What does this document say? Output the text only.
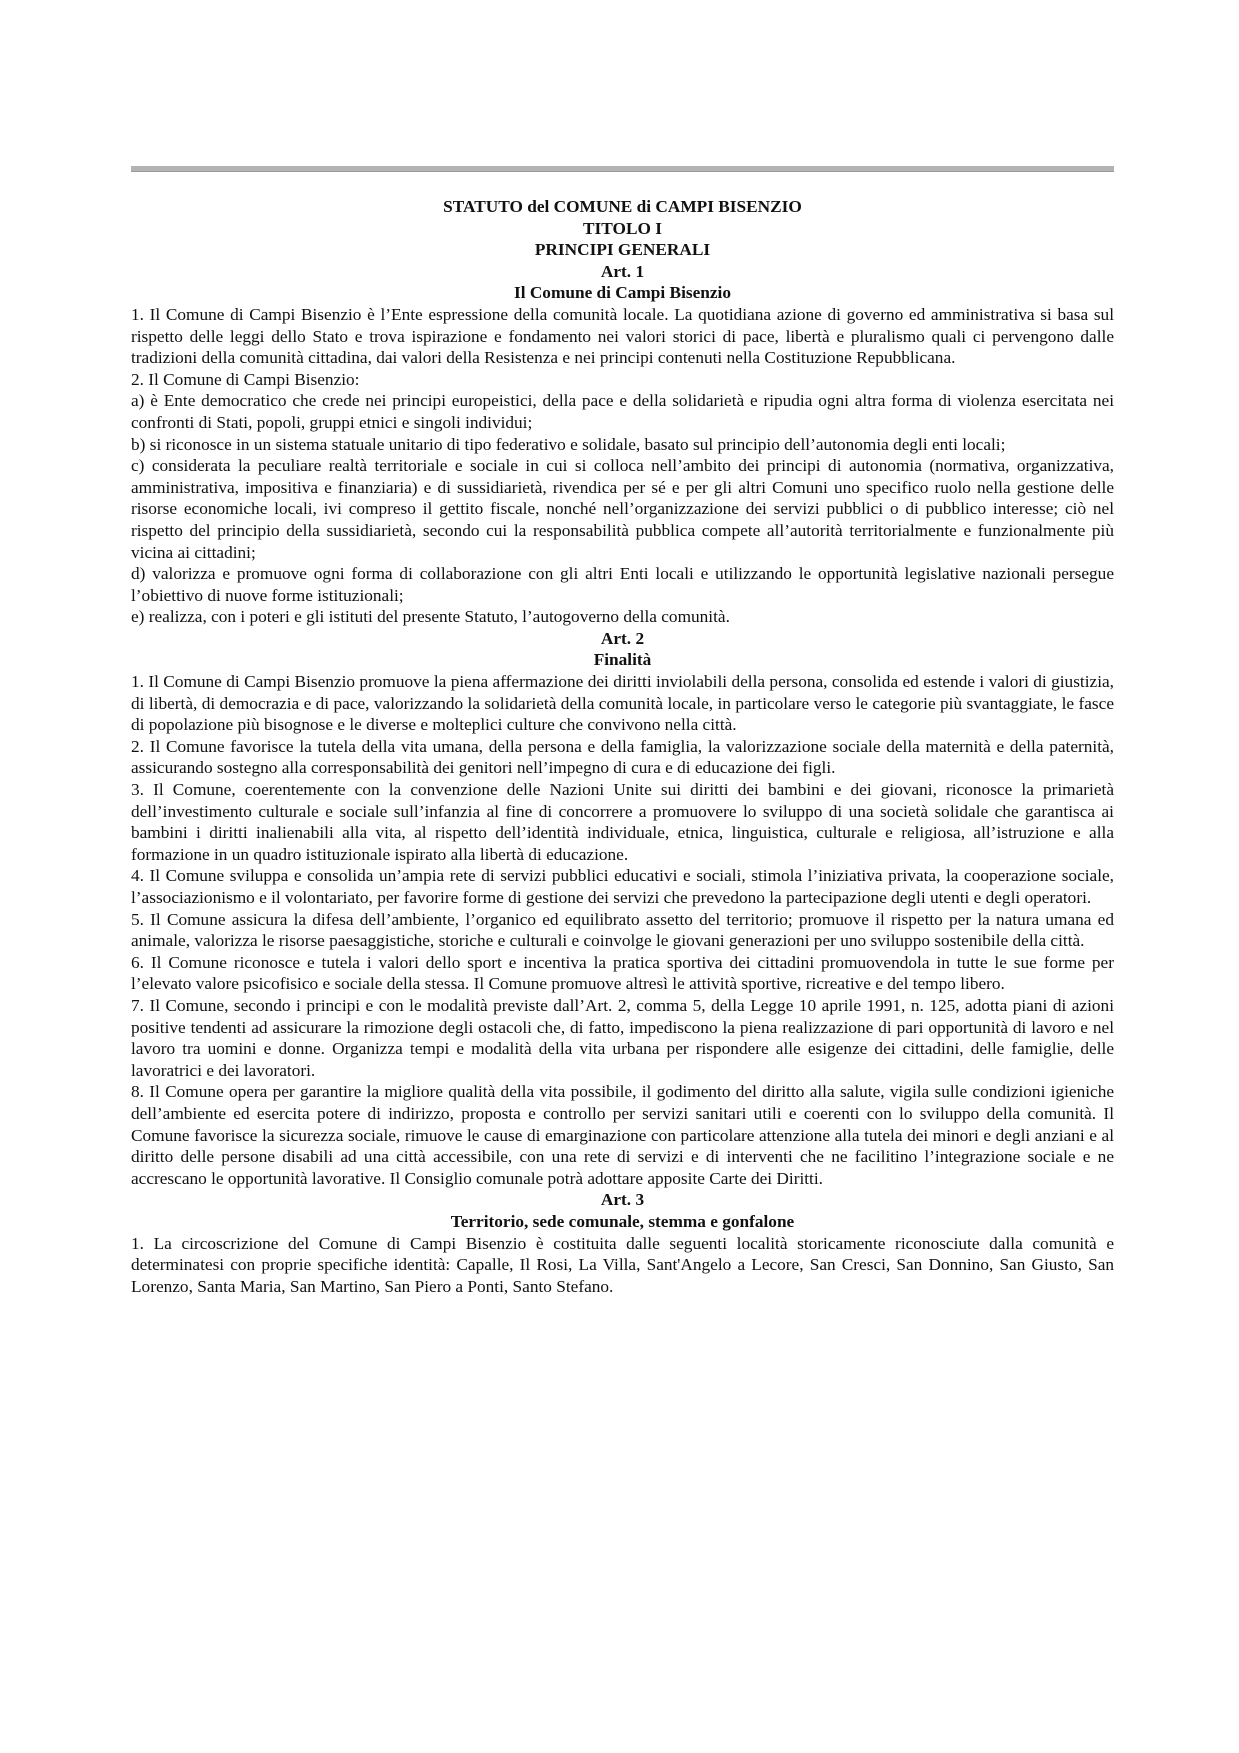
STATUTO del COMUNE di CAMPI BISENZIO

TITOLO I

PRINCIPI GENERALI

Art. 1

Il Comune di Campi Bisenzio

1. Il Comune di Campi Bisenzio è l’Ente espressione della comunità locale. La quotidiana azione di governo ed amministrativa si basa sul rispetto delle leggi dello Stato e trova ispirazione e fondamento nei valori storici di pace, libertà e pluralismo quali ci pervengono dalle tradizioni della comunità cittadina, dai valori della Resistenza e nei principi contenuti nella Costituzione Repubblicana.

2. Il Comune di Campi Bisenzio:

a) è Ente democratico che crede nei principi europeistici, della pace e della solidarietà e ripudia ogni altra forma di violenza esercitata nei confronti di Stati, popoli, gruppi etnici e singoli individui;

b) si riconosce in un sistema statuale unitario di tipo federativo e solidale, basato sul principio dell’autonomia degli enti locali;

c) considerata la peculiare realtà territoriale e sociale in cui si colloca nell’ambito dei principi di autonomia (normativa, organizzativa, amministrativa, impositiva e finanziaria) e di sussidiarietà, rivendica per sé e per gli altri Comuni uno specifico ruolo nella gestione delle risorse economiche locali, ivi compreso il gettito fiscale, nonché nell’organizzazione dei servizi pubblici o di pubblico interesse; ciò nel rispetto del principio della sussidiarietà, secondo cui la responsabilità pubblica compete all’autorità territorialmente e funzionalmente più vicina ai cittadini;

d) valorizza e promuove ogni forma di collaborazione con gli altri Enti locali e utilizzando le opportunità legislative nazionali persegue l’obiettivo di nuove forme istituzionali;

e) realizza, con i poteri e gli istituti del presente Statuto, l’autogoverno della comunità.

Art. 2

Finalità

1. Il Comune di Campi Bisenzio promuove la piena affermazione dei diritti inviolabili della persona, consolida ed estende i valori di giustizia, di libertà, di democrazia e di pace, valorizzando la solidarietà della comunità locale, in particolare verso le categorie più svantaggiate, le fasce di popolazione più bisognose e le diverse e molteplici culture che convivono nella città.

2. Il Comune favorisce la tutela della vita umana, della persona e della famiglia, la valorizzazione sociale della maternità e della paternità, assicurando sostegno alla corresponsabilità dei genitori nell’impegno di cura e di educazione dei figli.

3. Il Comune, coerentemente con la convenzione delle Nazioni Unite sui diritti dei bambini e dei giovani, riconosce la primarietà dell’investimento culturale e sociale sull’infanzia al fine di concorrere a promuovere lo sviluppo di una società solidale che garantisca ai bambini i diritti inalienabili alla vita, al rispetto dell’identità individuale, etnica, linguistica, culturale e religiosa, all’istruzione e alla formazione in un quadro istituzionale ispirato alla libertà di educazione.

4. Il Comune sviluppa e consolida un’ampia rete di servizi pubblici educativi e sociali, stimola l’iniziativa privata, la cooperazione sociale, l’associazionismo e il volontariato, per favorire forme di gestione dei servizi che prevedono la partecipazione degli utenti e degli operatori.

5. Il Comune assicura la difesa dell’ambiente, l’organico ed equilibrato assetto del territorio; promuove il rispetto per la natura umana ed animale, valorizza le risorse paesaggistiche, storiche e culturali e coinvolge le giovani generazioni per uno sviluppo sostenibile della città.

6. Il Comune riconosce e tutela i valori dello sport e incentiva la pratica sportiva dei cittadini promuovendola in tutte le sue forme per l’elevato valore psicofisico e sociale della stessa. Il Comune promuove altresì le attività sportive, ricreative e del tempo libero.

7. Il Comune, secondo i principi e con le modalità previste dall’Art. 2, comma 5, della Legge 10 aprile 1991, n. 125, adotta piani di azioni positive tendenti ad assicurare la rimozione degli ostacoli che, di fatto, impediscono la piena realizzazione di pari opportunità di lavoro e nel lavoro tra uomini e donne. Organizza tempi e modalità della vita urbana per rispondere alle esigenze dei cittadini, delle famiglie, delle lavoratrici e dei lavoratori.

8. Il Comune opera per garantire la migliore qualità della vita possibile, il godimento del diritto alla salute, vigila sulle condizioni igieniche dell’ambiente ed esercita potere di indirizzo, proposta e controllo per servizi sanitari utili e coerenti con lo sviluppo della comunità. Il Comune favorisce la sicurezza sociale, rimuove le cause di emarginazione con particolare attenzione alla tutela dei minori e degli anziani e al diritto delle persone disabili ad una città accessibile, con una rete di servizi e di interventi che ne facilitino l’integrazione sociale e ne accrescano le opportunità lavorative. Il Consiglio comunale potrà adottare apposite Carte dei Diritti.

Art. 3

Territorio, sede comunale, stemma e gonfalone

1. La circoscrizione del Comune di Campi Bisenzio è costituita dalle seguenti località storicamente riconosciute dalla comunità e determinatesi con proprie specifiche identità: Capalle, Il Rosi, La Villa, Sant'Angelo a Lecore, San Cresci, San Donnino, San Giusto, San Lorenzo, Santa Maria, San Martino, San Piero a Ponti, Santo Stefano.
